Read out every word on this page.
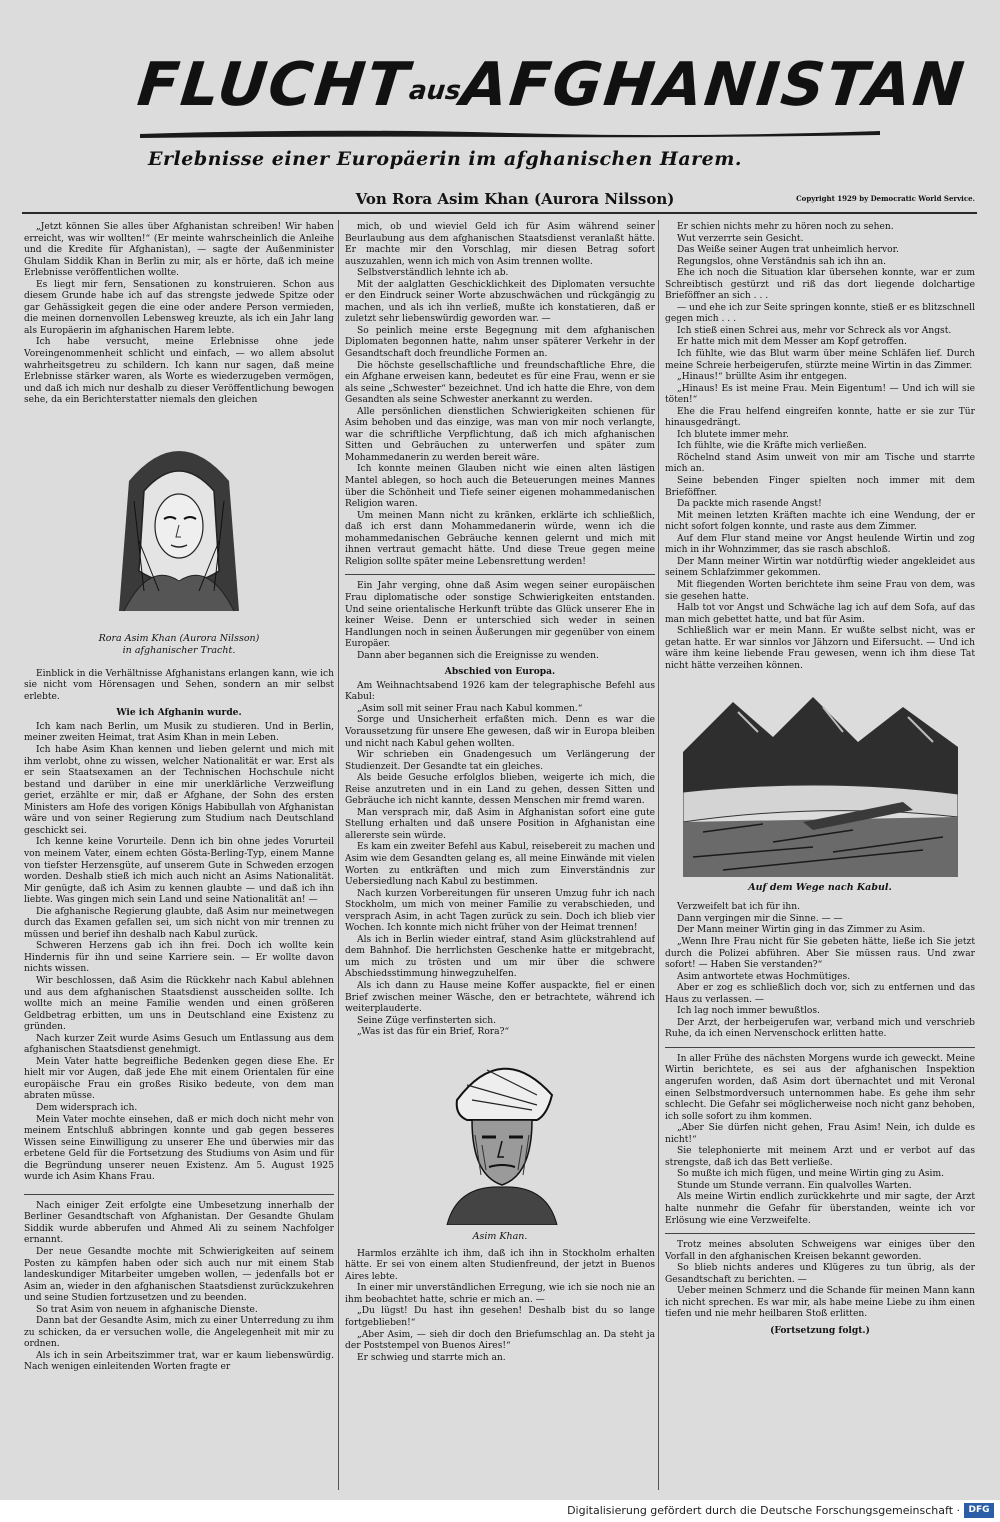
FLUCHTausAFGHANISTAN
Erlebnisse einer Europäerin im afghanischen Harem.
Von Rora Asim Khan (Aurora Nilsson)	Copyright 1929 by Democratic World Service.

„Jetzt können Sie alles über Afghanistan schreiben! Wir haben erreicht, was wir wollten!“ (Er meinte wahrscheinlich die Anleihe und die Kredite für Afghanistan), — sagte der Außenminister Ghulam Siddik Khan in Berlin zu mir, als er hörte, daß ich meine Erlebnisse veröffentlichen wollte.

Es liegt mir fern, Sensationen zu konstruieren. Schon aus diesem Grunde habe ich auf das strengste jedwede Spitze oder gar Gehässigkeit gegen die eine oder andere Person vermieden, die meinen dornenvollen Lebensweg kreuzte, als ich ein Jahr lang als Europäerin im afghanischen Harem lebte.

Ich habe versucht, meine Erlebnisse ohne jede Voreingenommenheit schlicht und einfach, — wo allem absolut wahrheitsgetreu zu schildern. Ich kann nur sagen, daß meine Erlebnisse stärker waren, als Worte es wiederzugeben vermögen, und daß ich mich nur deshalb zu dieser Veröffentlichung bewogen sehe, da ein Berichterstatter niemals den gleichen

Rora Asim Khan (Aurora Nilsson)
in afghanischer Tracht.

Einblick in die Verhältnisse Afghanistans erlangen kann, wie ich sie nicht vom Hörensagen und Sehen, sondern an mir selbst erlebte.

Wie ich Afghanin wurde.

Ich kam nach Berlin, um Musik zu studieren. Und in Berlin, meiner zweiten Heimat, trat Asim Khan in mein Leben.

Ich habe Asim Khan kennen und lieben gelernt und mich mit ihm verlobt, ohne zu wissen, welcher Nationalität er war. Erst als er sein Staatsexamen an der Technischen Hochschule nicht bestand und darüber in eine mir unerklärliche Verzweiflung geriet, erzählte er mir, daß er Afghane, der Sohn des ersten Ministers am Hofe des vorigen Königs Habibullah von Afghanistan wäre und von seiner Regierung zum Studium nach Deutschland geschickt sei.

Ich kenne keine Vorurteile. Denn ich bin ohne jedes Vorurteil von meinem Vater, einem echten Gösta-Berling-Typ, einem Manne von tiefster Herzensgüte, auf unserem Gute in Schweden erzogen worden. Deshalb stieß ich mich auch nicht an Asims Nationalität. Mir genügte, daß ich Asim zu kennen glaubte — und daß ich ihn liebte. Was gingen mich sein Land und seine Nationalität an! —

Die afghanische Regierung glaubte, daß Asim nur meinetwegen durch das Examen gefallen sei, um sich nicht von mir trennen zu müssen und berief ihn deshalb nach Kabul zurück.

Schweren Herzens gab ich ihn frei. Doch ich wollte kein Hindernis für ihn und seine Karriere sein. — Er wollte davon nichts wissen.

Wir beschlossen, daß Asim die Rückkehr nach Kabul ablehnen und aus dem afghanischen Staatsdienst ausscheiden sollte. Ich wollte mich an meine Familie wenden und einen größeren Geldbetrag erbitten, um uns in Deutschland eine Existenz zu gründen.

Nach kurzer Zeit wurde Asims Gesuch um Entlassung aus dem afghanischen Staatsdienst genehmigt.

Mein Vater hatte begreifliche Bedenken gegen diese Ehe. Er hielt mir vor Augen, daß jede Ehe mit einem Orientalen für eine europäische Frau ein großes Risiko bedeute, von dem man abraten müsse.

Dem widersprach ich.

Mein Vater mochte einsehen, daß er mich doch nicht mehr von meinem Entschluß abbringen konnte und gab gegen besseres Wissen seine Einwilligung zu unserer Ehe und überwies mir das erbetene Geld für die Fortsetzung des Studiums von Asim und für die Begründung unserer neuen Existenz. Am 5. August 1925 wurde ich Asim Khans Frau.

Nach einiger Zeit erfolgte eine Umbesetzung innerhalb der Berliner Gesandtschaft von Afghanistan. Der Gesandte Ghulam Siddik wurde abberufen und Ahmed Ali zu seinem Nachfolger ernannt.

Der neue Gesandte mochte mit Schwierigkeiten auf seinem Posten zu kämpfen haben oder sich auch nur mit einem Stab landeskundiger Mitarbeiter umgeben wollen, — jedenfalls bot er Asim an, wieder in den afghanischen Staatsdienst zurückzukehren und seine Studien fortzusetzen und zu beenden.

So trat Asim von neuem in afghanische Dienste.

Dann bat der Gesandte Asim, mich zu einer Unterredung zu ihm zu schicken, da er versuchen wolle, die Angelegenheit mit mir zu ordnen.

Als ich in sein Arbeitszimmer trat, war er kaum liebenswürdig. Nach wenigen einleitenden Worten fragte er

mich, ob und wieviel Geld ich für Asim während seiner Beurlaubung aus dem afghanischen Staatsdienst veranlaßt hätte. Er machte mir den Vorschlag, mir diesen Betrag sofort auszuzahlen, wenn ich mich von Asim trennen wollte.

Selbstverständlich lehnte ich ab.

Mit der aalglatten Geschicklichkeit des Diplomaten versuchte er den Eindruck seiner Worte abzuschwächen und rückgängig zu machen, und als ich ihn verließ, mußte ich konstatieren, daß er zuletzt sehr liebenswürdig geworden war. —

So peinlich meine erste Begegnung mit dem afghanischen Diplomaten begonnen hatte, nahm unser späterer Verkehr in der Gesandtschaft doch freundliche Formen an.

Die höchste gesellschaftliche und freundschaftliche Ehre, die ein Afghane erweisen kann, bedeutet es für eine Frau, wenn er sie als seine „Schwester“ bezeichnet. Und ich hatte die Ehre, von dem Gesandten als seine Schwester anerkannt zu werden.

Alle persönlichen dienstlichen Schwierigkeiten schienen für Asim behoben und das einzige, was man von mir noch verlangte, war die schriftliche Verpflichtung, daß ich mich afghanischen Sitten und Gebräuchen zu unterwerfen und später zum Mohammedanerin zu werden bereit wäre.

Ich konnte meinen Glauben nicht wie einen alten lästigen Mantel ablegen, so hoch auch die Beteuerungen meines Mannes über die Schönheit und Tiefe seiner eigenen mohammedanischen Religion waren.

Um meinen Mann nicht zu kränken, erklärte ich schließlich, daß ich erst dann Mohammedanerin würde, wenn ich die mohammedanischen Gebräuche kennen gelernt und mich mit ihnen vertraut gemacht hätte. Und diese Treue gegen meine Religion sollte später meine Lebensrettung werden!

Ein Jahr verging, ohne daß Asim wegen seiner europäischen Frau diplomatische oder sonstige Schwierigkeiten entstanden. Und seine orientalische Herkunft trübte das Glück unserer Ehe in keiner Weise. Denn er unterschied sich weder in seinen Handlungen noch in seinen Äußerungen mir gegenüber von einem Europäer.

Dann aber begannen sich die Ereignisse zu wenden.

Abschied von Europa.

Am Weihnachtsabend 1926 kam der telegraphische Befehl aus Kabul:

„Asim soll mit seiner Frau nach Kabul kommen.“

Sorge und Unsicherheit erfaßten mich. Denn es war die Voraussetzung für unsere Ehe gewesen, daß wir in Europa bleiben und nicht nach Kabul gehen wollten.

Wir schrieben ein Gnadengesuch um Verlängerung der Studienzeit. Der Gesandte tat ein gleiches.

Als beide Gesuche erfolglos blieben, weigerte ich mich, die Reise anzutreten und in ein Land zu gehen, dessen Sitten und Gebräuche ich nicht kannte, dessen Menschen mir fremd waren.

Man versprach mir, daß Asim in Afghanistan sofort eine gute Stellung erhalten und daß unsere Position in Afghanistan eine allererste sein würde.

Es kam ein zweiter Befehl aus Kabul, reisebereit zu machen und Asim wie dem Gesandten gelang es, all meine Einwände mit vielen Worten zu entkräften und mich zum Einverständnis zur Uebersiedlung nach Kabul zu bestimmen.

Nach kurzen Vorbereitungen für unseren Umzug fuhr ich nach Stockholm, um mich von meiner Familie zu verabschieden, und versprach Asim, in acht Tagen zurück zu sein. Doch ich blieb vier Wochen. Ich konnte mich nicht früher von der Heimat trennen!

Als ich in Berlin wieder eintraf, stand Asim glückstrahlend auf dem Bahnhof. Die herrlichsten Geschenke hatte er mitgebracht, um mich zu trösten und um mir über die schwere Abschiedsstimmung hinwegzuhelfen.

Als ich dann zu Hause meine Koffer auspackte, fiel er einen Brief zwischen meiner Wäsche, den er betrachtete, während ich weiterplauderte.

Seine Züge verfinsterten sich.

„Was ist das für ein Brief, Rora?“

Asim Khan.

Harmlos erzählte ich ihm, daß ich ihn in Stockholm erhalten hätte. Er sei von einem alten Studienfreund, der jetzt in Buenos Aires lebte.

In einer mir unverständlichen Erregung, wie ich sie noch nie an ihm beobachtet hatte, schrie er mich an. —

„Du lügst! Du hast ihn gesehen! Deshalb bist du so lange fortgeblieben!“

„Aber Asim, — sieh dir doch den Briefumschlag an. Da steht ja der Poststempel von Buenos Aires!“

Er schwieg und starrte mich an.

Er schien nichts mehr zu hören noch zu sehen.

Wut verzerrte sein Gesicht.

Das Weiße seiner Augen trat unheimlich hervor.

Regungslos, ohne Verständnis sah ich ihn an.

Ehe ich noch die Situation klar übersehen konnte, war er zum Schreibtisch gestürzt und riß das dort liegende dolchartige Brieföffner an sich . . .

— und ehe ich zur Seite springen konnte, stieß er es blitzschnell gegen mich . . .

Ich stieß einen Schrei aus, mehr vor Schreck als vor Angst.

Er hatte mich mit dem Messer am Kopf getroffen.

Ich fühlte, wie das Blut warm über meine Schläfen lief. Durch meine Schreie herbeigerufen, stürzte meine Wirtin in das Zimmer.

„Hinaus!“ brüllte Asim ihr entgegen.

„Hinaus! Es ist meine Frau. Mein Eigentum! — Und ich will sie töten!“

Ehe die Frau helfend eingreifen konnte, hatte er sie zur Tür hinausgedrängt.

Ich blutete immer mehr.

Ich fühlte, wie die Kräfte mich verließen.

Röchelnd stand Asim unweit von mir am Tische und starrte mich an.

Seine bebenden Finger spielten noch immer mit dem Brieföffner.

Da packte mich rasende Angst!

Mit meinen letzten Kräften machte ich eine Wendung, der er nicht sofort folgen konnte, und raste aus dem Zimmer.

Auf dem Flur stand meine vor Angst heulende Wirtin und zog mich in ihr Wohnzimmer, das sie rasch abschloß.

Der Mann meiner Wirtin war notdürftig wieder angekleidet aus seinem Schlafzimmer gekommen.

Mit fliegenden Worten berichtete ihm seine Frau von dem, was sie gesehen hatte.

Halb tot vor Angst und Schwäche lag ich auf dem Sofa, auf das man mich gebettet hatte, und bat für Asim.

Schließlich war er mein Mann. Er wußte selbst nicht, was er getan hatte. Er war sinnlos vor Jähzorn und Eifersucht. — Und ich wäre ihm keine liebende Frau gewesen, wenn ich ihm diese Tat nicht hätte verzeihen können.

Auf dem Wege nach Kabul.

Verzweifelt bat ich für ihn.

Dann vergingen mir die Sinne. — —

Der Mann meiner Wirtin ging in das Zimmer zu Asim.

„Wenn Ihre Frau nicht für Sie gebeten hätte, ließe ich Sie jetzt durch die Polizei abführen. Aber Sie müssen raus. Und zwar sofort! — Haben Sie verstanden?“

Asim antwortete etwas Hochmütiges.

Aber er zog es schließlich doch vor, sich zu entfernen und das Haus zu verlassen. —

Ich lag noch immer bewußtlos.

Der Arzt, der herbeigerufen war, verband mich und verschrieb Ruhe, da ich einen Nervenschock erlitten hatte.

In aller Frühe des nächsten Morgens wurde ich geweckt. Meine Wirtin berichtete, es sei aus der afghanischen Inspektion angerufen worden, daß Asim dort übernachtet und mit Veronal einen Selbstmordversuch unternommen habe. Es gehe ihm sehr schlecht. Die Gefahr sei möglicherweise noch nicht ganz behoben, ich solle sofort zu ihm kommen.

„Aber Sie dürfen nicht gehen, Frau Asim! Nein, ich dulde es nicht!“

Sie telephonierte mit meinem Arzt und er verbot auf das strengste, daß ich das Bett verließe.

So mußte ich mich fügen, und meine Wirtin ging zu Asim.

Stunde um Stunde verrann. Ein qualvolles Warten.

Als meine Wirtin endlich zurückkehrte und mir sagte, der Arzt halte nunmehr die Gefahr für überstanden, weinte ich vor Erlösung wie eine Verzweifelte.

Trotz meines absoluten Schweigens war einiges über den Vorfall in den afghanischen Kreisen bekannt geworden.

So blieb nichts anderes und Klügeres zu tun übrig, als der Gesandtschaft zu berichten. —

Ueber meinen Schmerz und die Schande für meinen Mann kann ich nicht sprechen. Es war mir, als habe meine Liebe zu ihm einen tiefen und nie mehr heilbaren Stoß erlitten.

(Fortsetzung folgt.)

Digitalisierung gefördert durch die Deutsche Forschungsgemeinschaft · DFG
